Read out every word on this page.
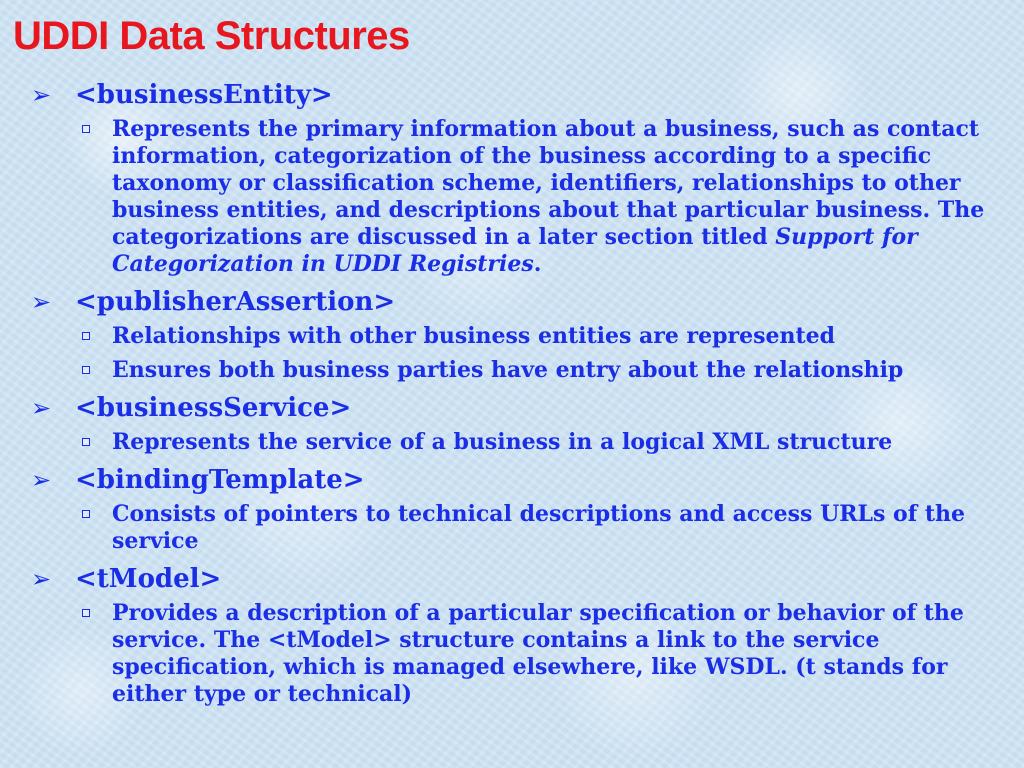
UDDI Data Structures
➢ <businessEntity>
Represents the primary information about a business, such as contact information, categorization of the business according to a specific taxonomy or classification scheme, identifiers, relationships to other business entities, and descriptions about that particular business. The categorizations are discussed in a later section titled Support for Categorization in UDDI Registries.
➢ <publisherAssertion>
Relationships with other business entities are represented
Ensures both business parties have entry about the relationship
➢ <businessService>
Represents the service of a business in a logical XML structure
➢ <bindingTemplate>
Consists of pointers to technical descriptions and access URLs of the service
➢ <tModel>
Provides a description of a particular specification or behavior of the service. The <tModel> structure contains a link to the service specification, which is managed elsewhere, like WSDL. (t stands for either type or technical)
